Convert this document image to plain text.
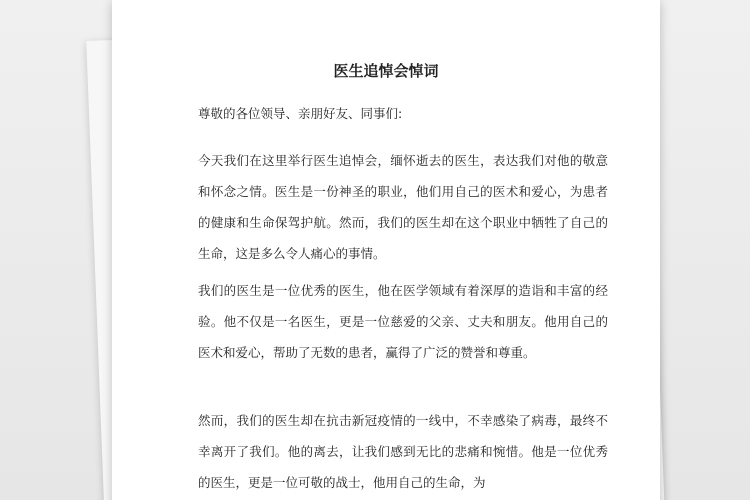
医生追悼会悼词

尊敬的各位领导、亲朋好友、同事们:

今天我们在这里举行医生追悼会，缅怀逝去的医生，表达我们对他的敬意和怀念之情。医生是一份神圣的职业，他们用自己的医术和爱心，为患者的健康和生命保驾护航。然而，我们的医生却在这个职业中牺牲了自己的生命，这是多么令人痛心的事情。

我们的医生是一位优秀的医生，他在医学领域有着深厚的造诣和丰富的经验。他不仅是一名医生，更是一位慈爱的父亲、丈夫和朋友。他用自己的医术和爱心，帮助了无数的患者，赢得了广泛的赞誉和尊重。

然而，我们的医生却在抗击新冠疫情的一线中，不幸感染了病毒，最终不幸离开了我们。他的离去，让我们感到无比的悲痛和惋惜。他是一位优秀的医生，更是一位可敬的战士，他用自己的生命，为
